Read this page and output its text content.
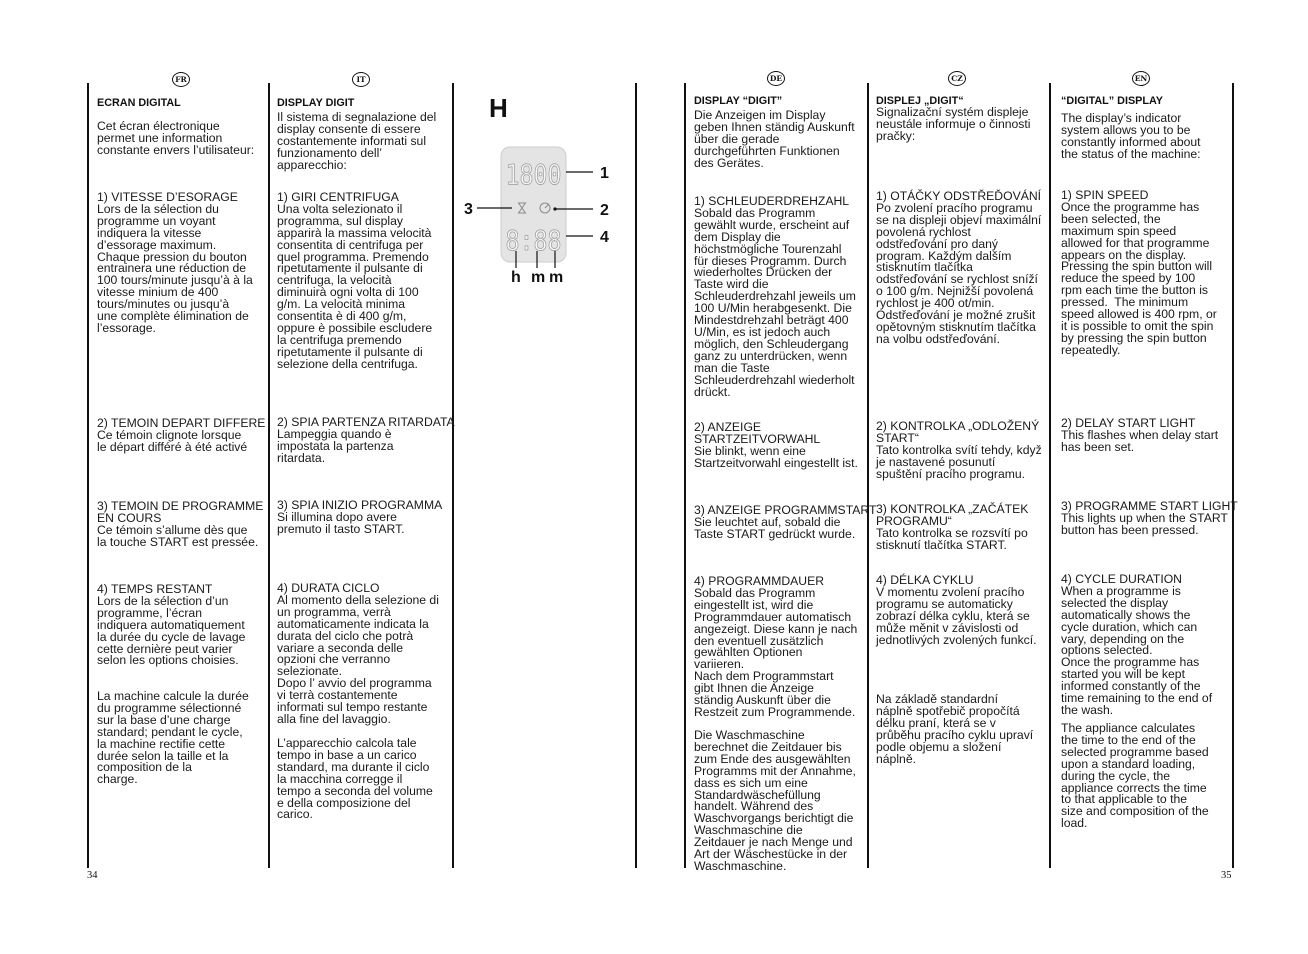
FR	IT	DE	CZ	EN
ECRAN DIGITAL
Cet écran électronique
permet une information
constante envers l’utilisateur:
1) VITESSE D’ESORAGE
Lors de la sélection du
programme un voyant
indiquera la vitesse
d’essorage maximum.
Chaque pression du bouton
entrainera une réduction de
100 tours/minute jusqu’à à la
vitesse minium de 400
tours/minutes ou jusqu’à
une complète élimination de
l’essorage.
2) TEMOIN DEPART DIFFERE
Ce témoin clignote lorsque
le départ différé à été activé
3) TEMOIN DE PROGRAMME
EN COURS
Ce témoin s’allume dès que
la touche START est pressée.
4) TEMPS RESTANT
Lors de la sélection d’un
programme, l’écran
indiquera automatiquement
la durée du cycle de lavage
cette dernière peut varier
selon les options choisies.
La machine calcule la durée
du programme sélectionné
sur la base d’une charge
standard; pendant le cycle,
la machine rectifie cette
durée selon la taille et la
composition de la
charge.
DISPLAY DIGIT
Il sistema di segnalazione del
display consente di essere
costantemente informati sul
funzionamento dell’
apparecchio:
1) GIRI CENTRIFUGA
Una volta selezionato il
programma, sul display
apparirà la massima velocità
consentita di centrifuga per
quel programma. Premendo
ripetutamente il pulsante di
centrifuga, la velocità
diminuirà ogni volta di 100
g/m. La velocità minima
consentita è di 400 g/m,
oppure è possibile escludere
la centrifuga premendo
ripetutamente il pulsante di
selezione della centrifuga.
2) SPIA PARTENZA RITARDATA
Lampeggia quando è
impostata la partenza
ritardata.
3) SPIA INIZIO PROGRAMMA
Si illumina dopo avere
premuto il tasto START.
4) DURATA CICLO
Al momento della selezione di
un programma, verrà
automaticamente indicata la
durata del ciclo che potrà
variare a seconda delle
opzioni che verranno
selezionate.
Dopo l’ avvio del programma
vi terrà costantemente
informati sul tempo restante
alla fine del lavaggio.
L’apparecchio calcola tale
tempo in base a un carico
standard, ma durante il ciclo
la macchina corregge il
tempo a seconda del volume
e della composizione del
carico.
H
1800
8:88
1
2
3
4
h m m
DISPLAY “DIGIT”
Die Anzeigen im Display
geben Ihnen ständig Auskunft
über die gerade
durchgeführten Funktionen
des Gerätes.
1) SCHLEUDERDREHZAHL
Sobald das Programm
gewählt wurde, erscheint auf
dem Display die
höchstmögliche Tourenzahl
für dieses Programm. Durch
wiederholtes Drücken der
Taste wird die
Schleuderdrehzahl jeweils um
100 U/Min herabgesenkt. Die
Mindestdrehzahl beträgt 400
U/Min, es ist jedoch auch
möglich, den Schleudergang
ganz zu unterdrücken, wenn
man die Taste
Schleuderdrehzahl wiederholt
drückt.
2) ANZEIGE
STARTZEITVORWAHL
Sie blinkt, wenn eine
Startzeitvorwahl eingestellt ist.
3) ANZEIGE PROGRAMMSTART
Sie leuchtet auf, sobald die
Taste START gedrückt wurde.
4) PROGRAMMDAUER
Sobald das Programm
eingestellt ist, wird die
Programmdauer automatisch
angezeigt. Diese kann je nach
den eventuell zusätzlich
gewählten Optionen
variieren.
Nach dem Programmstart
gibt Ihnen die Anzeige
ständig Auskunft über die
Restzeit zum Programmende.
Die Waschmaschine
berechnet die Zeitdauer bis
zum Ende des ausgewählten
Programms mit der Annahme,
dass es sich um eine
Standardwäschefüllung
handelt. Während des
Waschvorgangs berichtigt die
Waschmaschine die
Zeitdauer je nach Menge und
Art der Wäschestücke in der
Waschmaschine.
DISPLEJ „DIGIT“
Signalizační systém displeje
neustále informuje o činnosti
pračky:
1) OTÁČKY ODSTŘEĎOVÁNÍ
Po zvolení pracího programu
se na displeji objeví maximální
povolená rychlost
odstřeďování pro daný
program. Každým dalším
stisknutím tlačítka
odstřeďování se rychlost sníží
o 100 g/m. Nejnižší povolená
rychlost je 400 ot/min.
Odstřeďování je možné zrušit
opětovným stisknutím tlačítka
na volbu odstřeďování.
2) KONTROLKA „ODLOŽENÝ
START“
Tato kontrolka svítí tehdy, když
je nastavené posunutí
spuštění pracího programu.
3) KONTROLKA „ZAČÁTEK
PROGRAMU“
Tato kontrolka se rozsvítí po
stisknutí tlačítka START.
4) DÉLKA CYKLU
V momentu zvolení pracího
programu se automaticky
zobrazí délka cyklu, která se
může měnit v závislosti od
jednotlivých zvolených funkcí.
Na základě standardní
náplně spotřebič propočítá
délku praní, která se v
průběhu pracího cyklu upraví
podle objemu a složení
náplně.
“DIGITAL” DISPLAY
The display’s indicator
system allows you to be
constantly informed about
the status of the machine:
1) SPIN SPEED
Once the programme has
been selected, the
maximum spin speed
allowed for that programme
appears on the display.
Pressing the spin button will
reduce the speed by 100
rpm each time the button is
pressed.  The minimum
speed allowed is 400 rpm, or
it is possible to omit the spin
by pressing the spin button
repeatedly.
2) DELAY START LIGHT
This flashes when delay start
has been set.
3) PROGRAMME START LIGHT
This lights up when the START
button has been pressed.
4) CYCLE DURATION
When a programme is
selected the display
automatically shows the
cycle duration, which can
vary, depending on the
options selected.
Once the programme has
started you will be kept
informed constantly of the
time remaining to the end of
the wash.
The appliance calculates
the time to the end of the
selected programme based
upon a standard loading,
during the cycle, the
appliance corrects the time
to that applicable to the
size and composition of the
load.
34	35
